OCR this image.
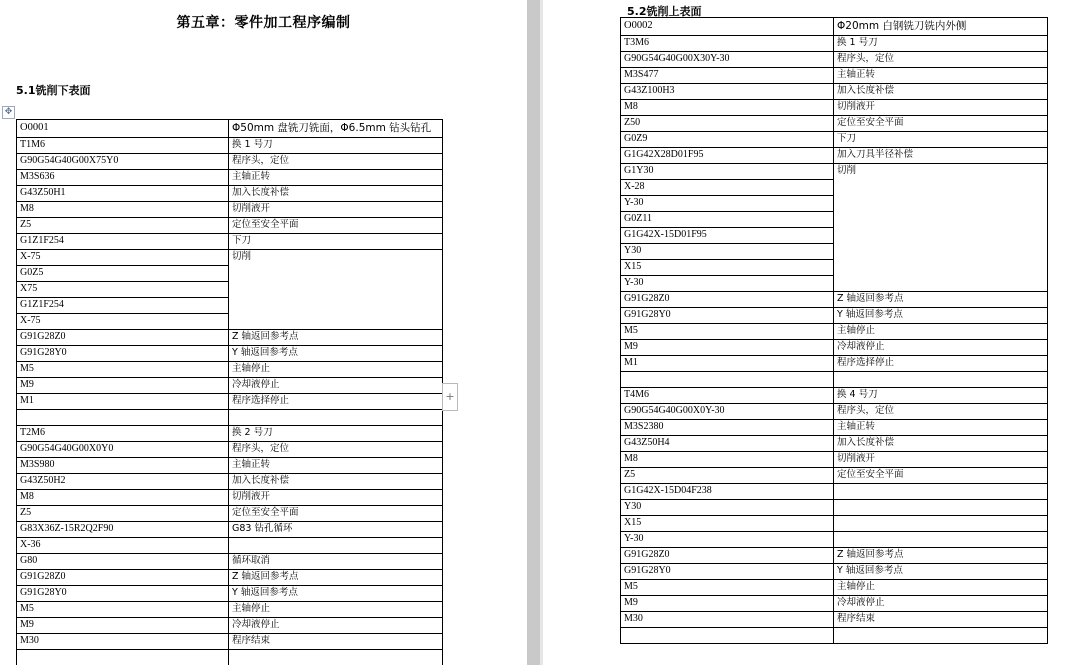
第五章：零件加工程序编制
5.1铣削下表面
✥
O0001	Φ50mm 盘铣刀铣面，Φ6.5mm 钻头钻孔
T1M6	换 1 号刀
G90G54G40G00X75Y0	程序头，定位
M3S636	主轴正转
G43Z50H1	加入长度补偿
M8	切削液开
Z5	定位至安全平面
G1Z1F254	下刀
X-75	切削
G0Z5	
X75	
G1Z1F254	
X-75	
G91G28Z0	Z 轴返回参考点
G91G28Y0	Y 轴返回参考点
M5	主轴停止
M9	冷却液停止
M1	程序选择停止

T2M6	换 2 号刀
G90G54G40G00X0Y0	程序头，定位
M3S980	主轴正转
G43Z50H2	加入长度补偿
M8	切削液开
Z5	定位至安全平面
G83X36Z-15R2Q2F90	G83 钻孔循环
X-36	
G80	循环取消
G91G28Z0	Z 轴返回参考点
G91G28Y0	Y 轴返回参考点
M5	主轴停止
M9	冷却液停止
M30	程序结束

+
5.2铣削上表面
O0002	Φ20mm 白钢铣刀铣内外侧
T3M6	换 1 号刀
G90G54G40G00X30Y-30	程序头，定位
M3S477	主轴正转
G43Z100H3	加入长度补偿
M8	切削液开
Z50	定位至安全平面
G0Z9	下刀
G1G42X28D01F95	加入刀具半径补偿
G1Y30	切削
X-28	
Y-30	
G0Z11	
G1G42X-15D01F95	
Y30	
X15	
Y-30	
G91G28Z0	Z 轴返回参考点
G91G28Y0	Y 轴返回参考点
M5	主轴停止
M9	冷却液停止
M1	程序选择停止

T4M6	换 4 号刀
G90G54G40G00X0Y-30	程序头，定位
M3S2380	主轴正转
G43Z50H4	加入长度补偿
M8	切削液开
Z5	定位至安全平面
G1G42X-15D04F238	
Y30	
X15	
Y-30	
G91G28Z0	Z 轴返回参考点
G91G28Y0	Y 轴返回参考点
M5	主轴停止
M9	冷却液停止
M30	程序结束
